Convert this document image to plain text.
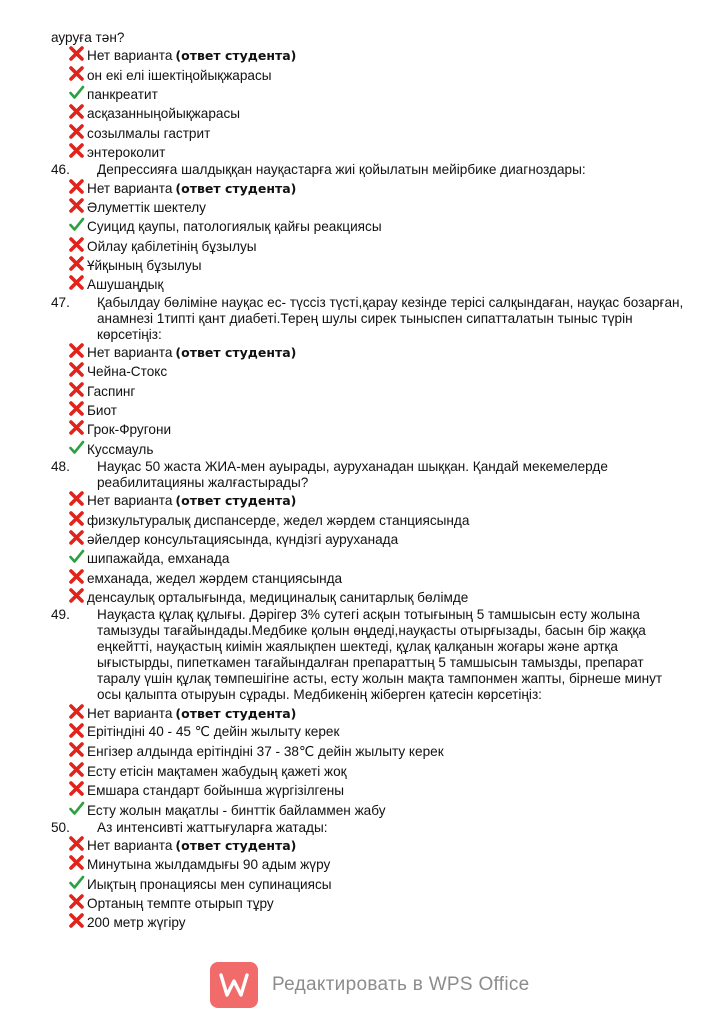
ауруға тән?

Нет варианта (ответ студента)
он екі елі ішектіңойықжарасы
панкреатит
асқазанныңойықжарасы
созылмалы гастрит
энтероколит
46.	Депрессияға шалдыққан науқастарға жиі қойылатын мейірбике диагноздары:
Нет варианта (ответ студента)
Әлуметтік шектелу
Суицид қаупы, патологиялық қайғы реакциясы
Ойлау қабілетінің бұзылуы
Ұйқының бұзылуы
Ашушаңдық
47.	Қабылдау бөліміне науқас ес- түссіз түсті,қарау кезінде терісі салқындаған, науқас бозарған, анамнезі 1типті қант диабеті.Терең шулы сирек тыныспен сипатталатын тыныс түрін көрсетіңіз:
Нет варианта (ответ студента)
Чейна-Стокс
Гаспинг
Биот
Грок-Фругони
Куссмауль
48.	Науқас 50 жаста ЖИА-мен ауырады, ауруханадан шыққан. Қандай мекемелерде реабилитацияны жалғастырады?
Нет варианта (ответ студента)
физкультуралық диспансерде, жедел жәрдем станциясында
әйелдер консультациясында, күндізгі ауруханада
шипажайда, емханада
емханада, жедел жәрдем станциясында
денсаулық орталығында, медициналық санитарлық бөлімде
49.	Науқаста құлақ құлығы. Дәрігер 3% сутегі асқын тотығының 5 тамшысын есту жолына тамызуды тағайындады.Медбике қолын өңдеді,науқасты отырғызады, басын бір жаққа еңкейтті, науқастың киімін жаялықпен шектеді, құлақ қалқанын жоғары және артқа ығыстырды, пипеткамен тағайындалған препараттың 5 тамшысын тамызды, препарат таралу үшін құлақ төмпешігіне асты, есту жолын мақта тампонмен жапты, бірнеше минут осы қалыпта отыруын сұрады. Медбикенің жіберген қатесін көрсетіңіз:
Нет варианта (ответ студента)
Ерітіндіні 40 - 45 ℃ дейін жылыту керек
Енгізер алдында ерітіндіні 37 - 38℃ дейін жылыту керек
Есту етісін мақтамен жабудың қажеті жоқ
Емшара стандарт бойынша жүргізілгены
Есту жолын мақатлы - бинттік байламмен жабу
50.	Аз интенсивті жаттығуларға жатады:
Нет варианта (ответ студента)
Минутына жылдамдығы 90 адым жүру
Иықтың пронациясы мен супинациясы
Ортаның темпте отырып тұру
200 метр жүгіру
Редактировать в WPS Office
